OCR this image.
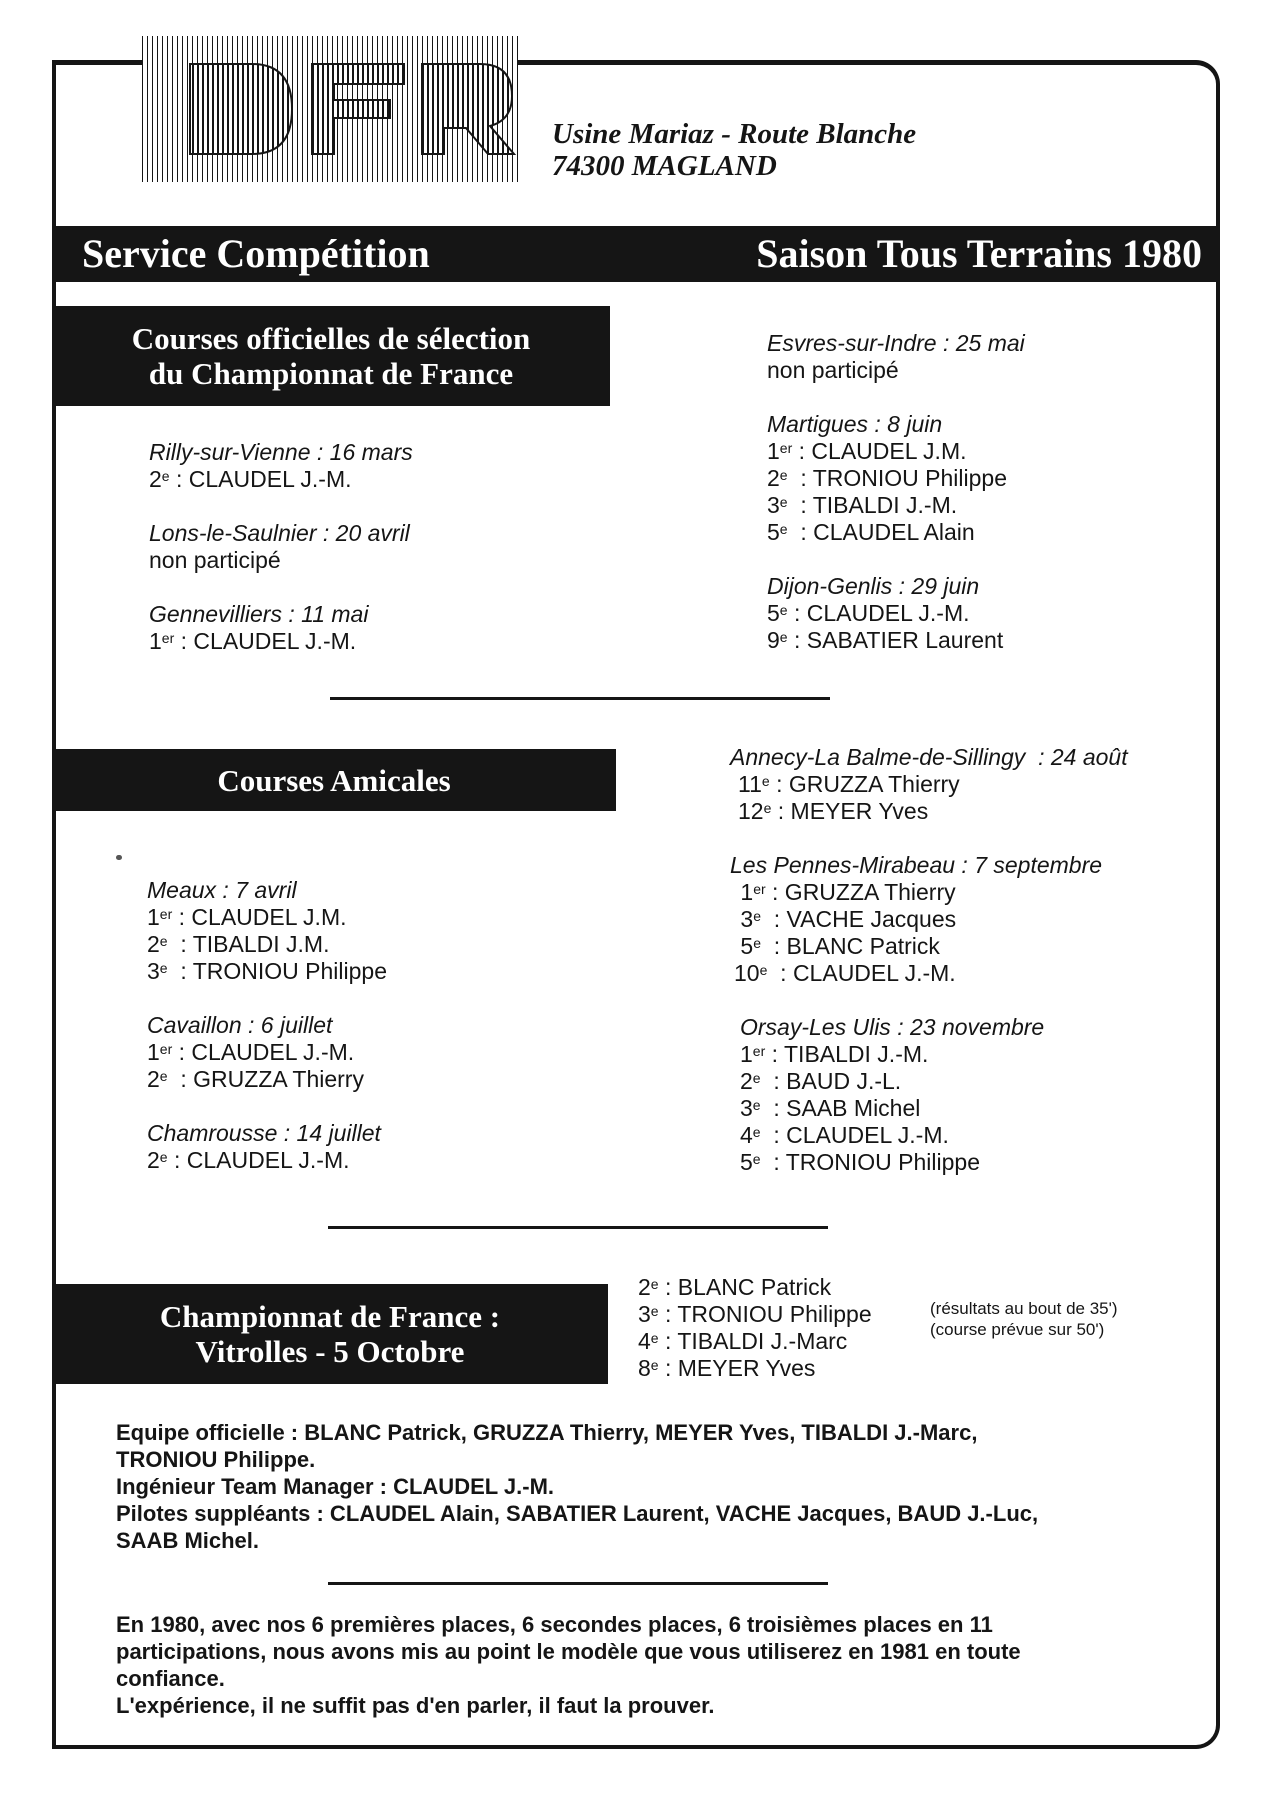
Usine Mariaz - Route Blanche
74300 MAGLAND
Service Compétition	Saison Tous Terrains 1980
Courses officielles de sélection
du Championnat de France
Rilly-sur-Vienne : 16 mars
2e : CLAUDEL J.-M.
Lons-le-Saulnier : 20 avril
non participé
Gennevilliers : 11 mai
1er : CLAUDEL J.-M.
Esvres-sur-Indre : 25 mai
non participé
Martigues : 8 juin
1er : CLAUDEL J.M.
2e  : TRONIOU Philippe
3e  : TIBALDI J.-M.
5e  : CLAUDEL Alain
Dijon-Genlis : 29 juin
5e : CLAUDEL J.-M.
9e : SABATIER Laurent
Courses Amicales
Meaux : 7 avril
1er : CLAUDEL J.M.
2e  : TIBALDI J.M.
3e  : TRONIOU Philippe
Cavaillon : 6 juillet
1er : CLAUDEL J.-M.
2e  : GRUZZA Thierry
Chamrousse : 14 juillet
2e : CLAUDEL J.-M.
Annecy-La Balme-de-Sillingy  : 24 août
11e : GRUZZA Thierry
12e : MEYER Yves
Les Pennes-Mirabeau : 7 septembre
1er : GRUZZA Thierry
3e  : VACHE Jacques
5e  : BLANC Patrick
10e  : CLAUDEL J.-M.
Orsay-Les Ulis : 23 novembre
1er : TIBALDI J.-M.
2e  : BAUD J.-L.
3e  : SAAB Michel
4e  : CLAUDEL J.-M.
5e  : TRONIOU Philippe
Championnat de France :
Vitrolles - 5 Octobre
2e : BLANC Patrick
3e : TRONIOU Philippe
4e : TIBALDI J.-Marc
8e : MEYER Yves
(résultats au bout de 35')
(course prévue sur 50')
Equipe officielle : BLANC Patrick, GRUZZA Thierry, MEYER Yves, TIBALDI J.-Marc,
TRONIOU Philippe.
Ingénieur Team Manager : CLAUDEL J.-M.
Pilotes suppléants : CLAUDEL Alain, SABATIER Laurent, VACHE Jacques, BAUD J.-Luc,
SAAB Michel.
En 1980, avec nos 6 premières places, 6 secondes places, 6 troisièmes places en 11
participations, nous avons mis au point le modèle que vous utiliserez en 1981 en toute
confiance.
L'expérience, il ne suffit pas d'en parler, il faut la prouver.
